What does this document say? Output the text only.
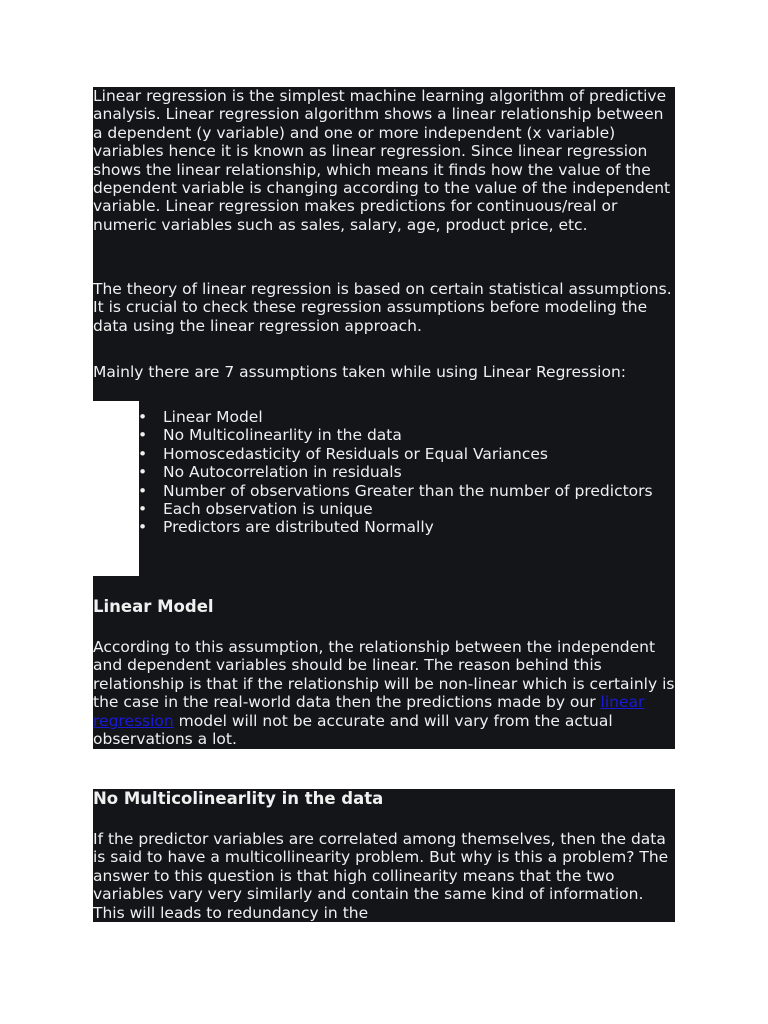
Linear regression is the simplest machine learning algorithm of predictive analysis. Linear regression algorithm shows a linear relationship between a dependent (y variable) and one or more independent (x variable) variables hence it is known as linear regression. Since linear regression shows the linear relationship, which means it finds how the value of the dependent variable is changing according to the value of the independent variable. Linear regression makes predictions for continuous/real or numeric variables such as sales, salary, age, product price, etc.

The theory of linear regression is based on certain statistical assumptions. It is crucial to check these regression assumptions before modeling the data using the linear regression approach.

Mainly there are 7 assumptions taken while using Linear Regression:

• Linear Model
• No Multicolinearlity in the data
• Homoscedasticity of Residuals or Equal Variances
• No Autocorrelation in residuals
• Number of observations Greater than the number of predictors
• Each observation is unique
• Predictors are distributed Normally
Linear Model

According to this assumption, the relationship between the independent and dependent variables should be linear. The reason behind this relationship is that if the relationship will be non-linear which is certainly is the case in the real-world data then the predictions made by our linear regression model will not be accurate and will vary from the actual observations a lot.

No Multicolinearlity in the data

If the predictor variables are correlated among themselves, then the data is said to have a multicollinearity problem. But why is this a problem? The answer to this question is that high collinearity means that the two variables vary very similarly and contain the same kind of information. This will leads to redundancy in the
